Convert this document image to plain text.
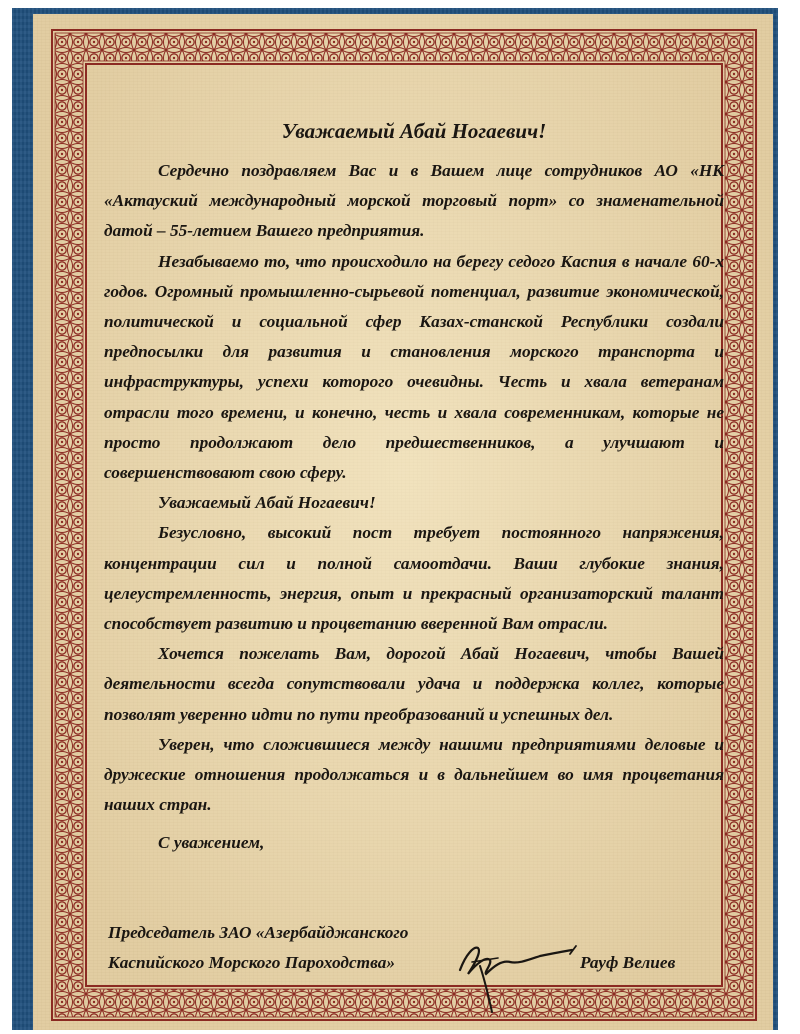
Уважаемый Абай Ногаевич!

Сердечно поздравляем Вас и в Вашем лице сотрудников АО «НК «Актауский международный морской торговый порт» со знаменательной датой – 55-летием Вашего предприятия.

Незабываемо то, что происходило на берегу седого Каспия в начале 60-х годов. Огромный промышленно-сырьевой потенциал, развитие экономической, политической и социальной сфер Казах-станской Республики создали предпосылки для развития и становления морского транспорта и инфраструктуры, успехи которого очевидны. Честь и хвала ветеранам отрасли того времени, и конечно, честь и хвала современникам, которые не просто продолжают дело предшественников, а улучшают и совершенствовают свою сферу.

Уважаемый Абай Ногаевич!

Безусловно, высокий пост требует постоянного напряжения, концентрации сил и полной самоотдачи. Ваши глубокие знания, целеустремленность, энергия, опыт и прекрасный организаторский талант способствует развитию и процветанию вверенной Вам отрасли.

Хочется пожелать Вам, дорогой Абай Ногаевич, чтобы Вашей деятельности всегда сопутствовали удача и поддержка коллег, которые позволят уверенно идти по пути преобразований и успешных дел.

Уверен, что сложившиеся между нашими предприятиями деловые и дружеские отношения продолжаться и в дальнейшем во имя процветания наших стран.

С уважением,

Председатель ЗАО «Азербайджанского
Каспийского Морского Пароходства»	Рауф Велиев
